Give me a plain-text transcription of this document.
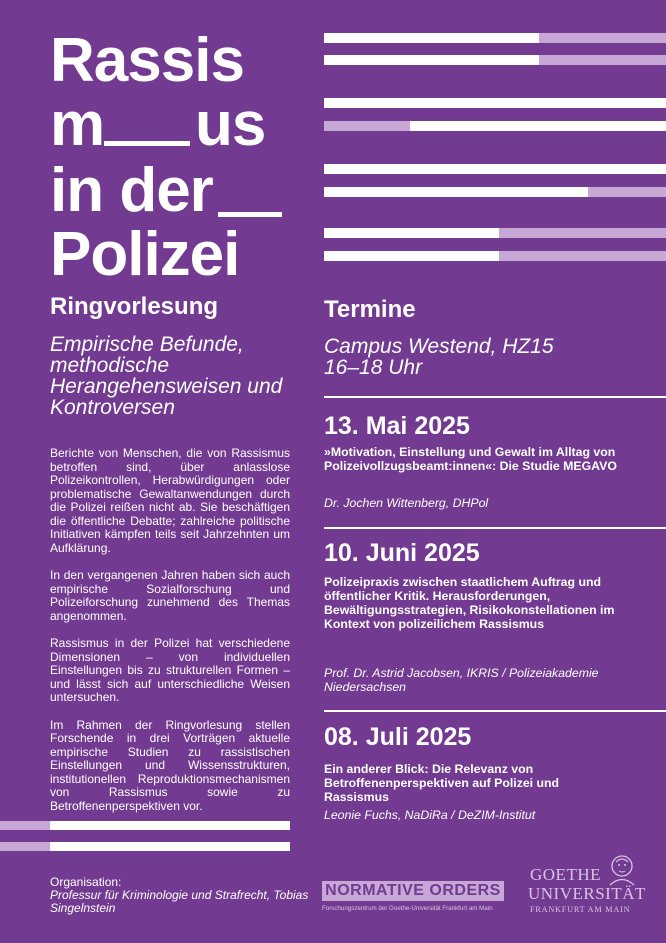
Rassis
m us
in der
Polizei
Ringvorlesung
Empirische Befunde, methodische Herangehensweisen und Kontroversen

Berichte von Menschen, die von Rassismus betroffen sind, über anlasslose Polizeikontrollen, Herabwürdigungen oder problematische Gewaltanwendungen durch die Polizei reißen nicht ab. Sie beschäftigen die öffentliche Debatte; zahlreiche politische Initiativen kämpfen teils seit Jahrzehnten um Aufklärung.

In den vergangenen Jahren haben sich auch empirische Sozialforschung und Polizeiforschung zunehmend des Themas angenommen.

Rassismus in der Polizei hat verschiedene Dimensionen – von individuellen Einstellungen bis zu strukturellen Formen – und lässt sich auf unterschiedliche Weisen untersuchen.

Im Rahmen der Ringvorlesung stellen Forschende in drei Vorträgen aktuelle empirische Studien zu rassistischen Einstellungen und Wissensstrukturen, institutionellen Reproduktionsmechanismen von Rassismus sowie zu Betroffenenperspektiven vor.

Termine
Campus Westend, HZ15
16–18 Uhr
13. Mai 2025
»Motivation, Einstellung und Gewalt im Alltag von Polizeivollzugsbeamt:innen«: Die Studie MEGAVO
Dr. Jochen Wittenberg, DHPol
10. Juni 2025
Polizeipraxis zwischen staatlichem Auftrag und öffentlicher Kritik. Herausforderungen, Bewältigungsstrategien, Risikokonstellationen im Kontext von polizeilichem Rassismus
Prof. Dr. Astrid Jacobsen, IKRIS / Polizeiakademie Niedersachsen
08. Juli 2025
Ein anderer Blick: Die Relevanz von Betroffenenperspektiven auf Polizei und Rassismus
Leonie Fuchs, NaDiRa / DeZIM-Institut
Organisation:
Professur für Kriminologie und Strafrecht, Tobias Singelnstein
NORMATIVE ORDERS
Forschungszentrum der Goethe-Universität Frankfurt am Main
GOETHE
UNIVERSITÄT
FRANKFURT AM MAIN
